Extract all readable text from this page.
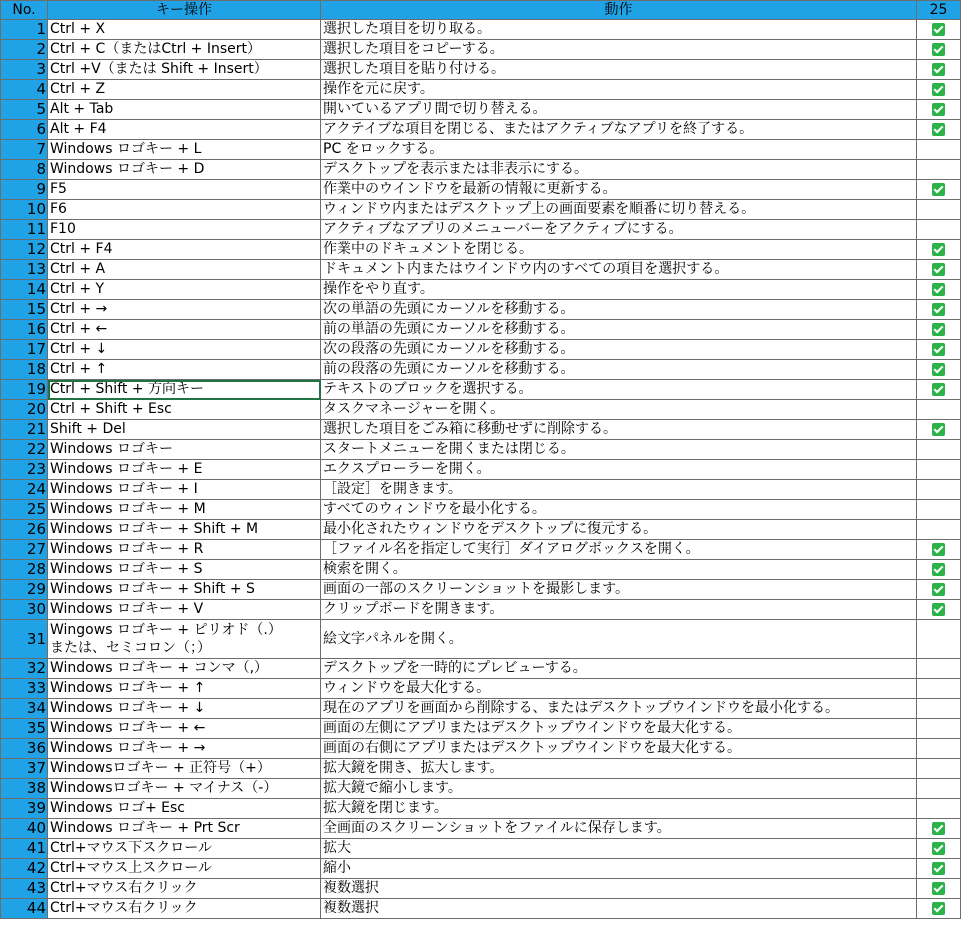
No.	キー操作	動作	25
1	Ctrl + X	選択した項目を切り取る。	
2	Ctrl + C（またはCtrl + Insert）	選択した項目をコピーする。	
3	Ctrl +V（または Shift + Insert）	選択した項目を貼り付ける。	
4	Ctrl + Z	操作を元に戻す。	
5	Alt + Tab	開いているアプリ間で切り替える。	
6	Alt + F4	アクテイブな項目を閉じる、またはアクティブなアプリを終了する。	
7	Windows ロゴキー + L	PC をロックする。	
8	Windows ロゴキー + D	デスクトップを表示または非表示にする。	
9	F5	作業中のウインドウを最新の情報に更新する。	
10	F6	ウィンドウ内またはデスクトップ上の画面要素を順番に切り替える。	
11	F10	アクティブなアプリのメニューバーをアクティブにする。	
12	Ctrl + F4	作業中のドキュメントを閉じる。	
13	Ctrl + A	ドキュメント内またはウインドウ内のすべての項目を選択する。	
14	Ctrl + Y	操作をやり直す。	
15	Ctrl + →	次の単語の先頭にカーソルを移動する。	
16	Ctrl + ←	前の単語の先頭にカーソルを移動する。	
17	Ctrl + ↓	次の段落の先頭にカーソルを移動する。	
18	Ctrl + ↑	前の段落の先頭にカーソルを移動する。	
19	Ctrl + Shift + 方向キー	テキストのブロックを選択する。	
20	Ctrl + Shift + Esc	タスクマネージャーを開く。	
21	Shift + Del	選択した項目をごみ箱に移動せずに削除する。	
22	Windows ロゴキー	スタートメニューを開くまたは閉じる。	
23	Windows ロゴキー + E	エクスプローラーを開く。	
24	Windows ロゴキー + I	［設定］を開きます。	
25	Windows ロゴキー + M	すべてのウィンドウを最小化する。	
26	Windows ロゴキー + Shift + M	最小化されたウィンドウをデスクトップに復元する。	
27	Windows ロゴキー + R	［ファイル名を指定して実行］ダイアログボックスを開く。	
28	Windows ロゴキー + S	検索を開く。	
29	Windows ロゴキー + Shift + S	画面の一部のスクリーンショットを撮影します。	
30	Windows ロゴキー + V	クリップボードを開きます。	
31	Wingows ロゴキー + ピリオド（.）
または、セミコロン（；）	絵文字パネルを開く。	
32	Windows ロゴキー + コンマ（,）	デスクトップを一時的にプレビューする。	
33	Windows ロゴキー + ↑	ウィンドウを最大化する。	
34	Windows ロゴキー + ↓	現在のアプリを画面から削除する、またはデスクトップウインドウを最小化する。	
35	Windows ロゴキー + ←	画面の左側にアプリまたはデスクトップウインドウを最大化する。	
36	Windows ロゴキー + →	画面の右側にアプリまたはデスクトップウインドウを最大化する。	
37	Windowsロゴキー + 正符号（+）	拡大鏡を開き、拡大します。	
38	Windowsロゴキー + マイナス（-）	拡大鏡で縮小します。	
39	Windows ロゴ+ Esc	拡大鏡を閉じます。	
40	Windows ロゴキー + Prt Scr	全画面のスクリーンショットをファイルに保存します。	
41	Ctrl+マウス下スクロール	拡大	
42	Ctrl+マウス上スクロール	縮小	
43	Ctrl+マウス右クリック	複数選択	
44	Ctrl+マウス右クリック	複数選択	
